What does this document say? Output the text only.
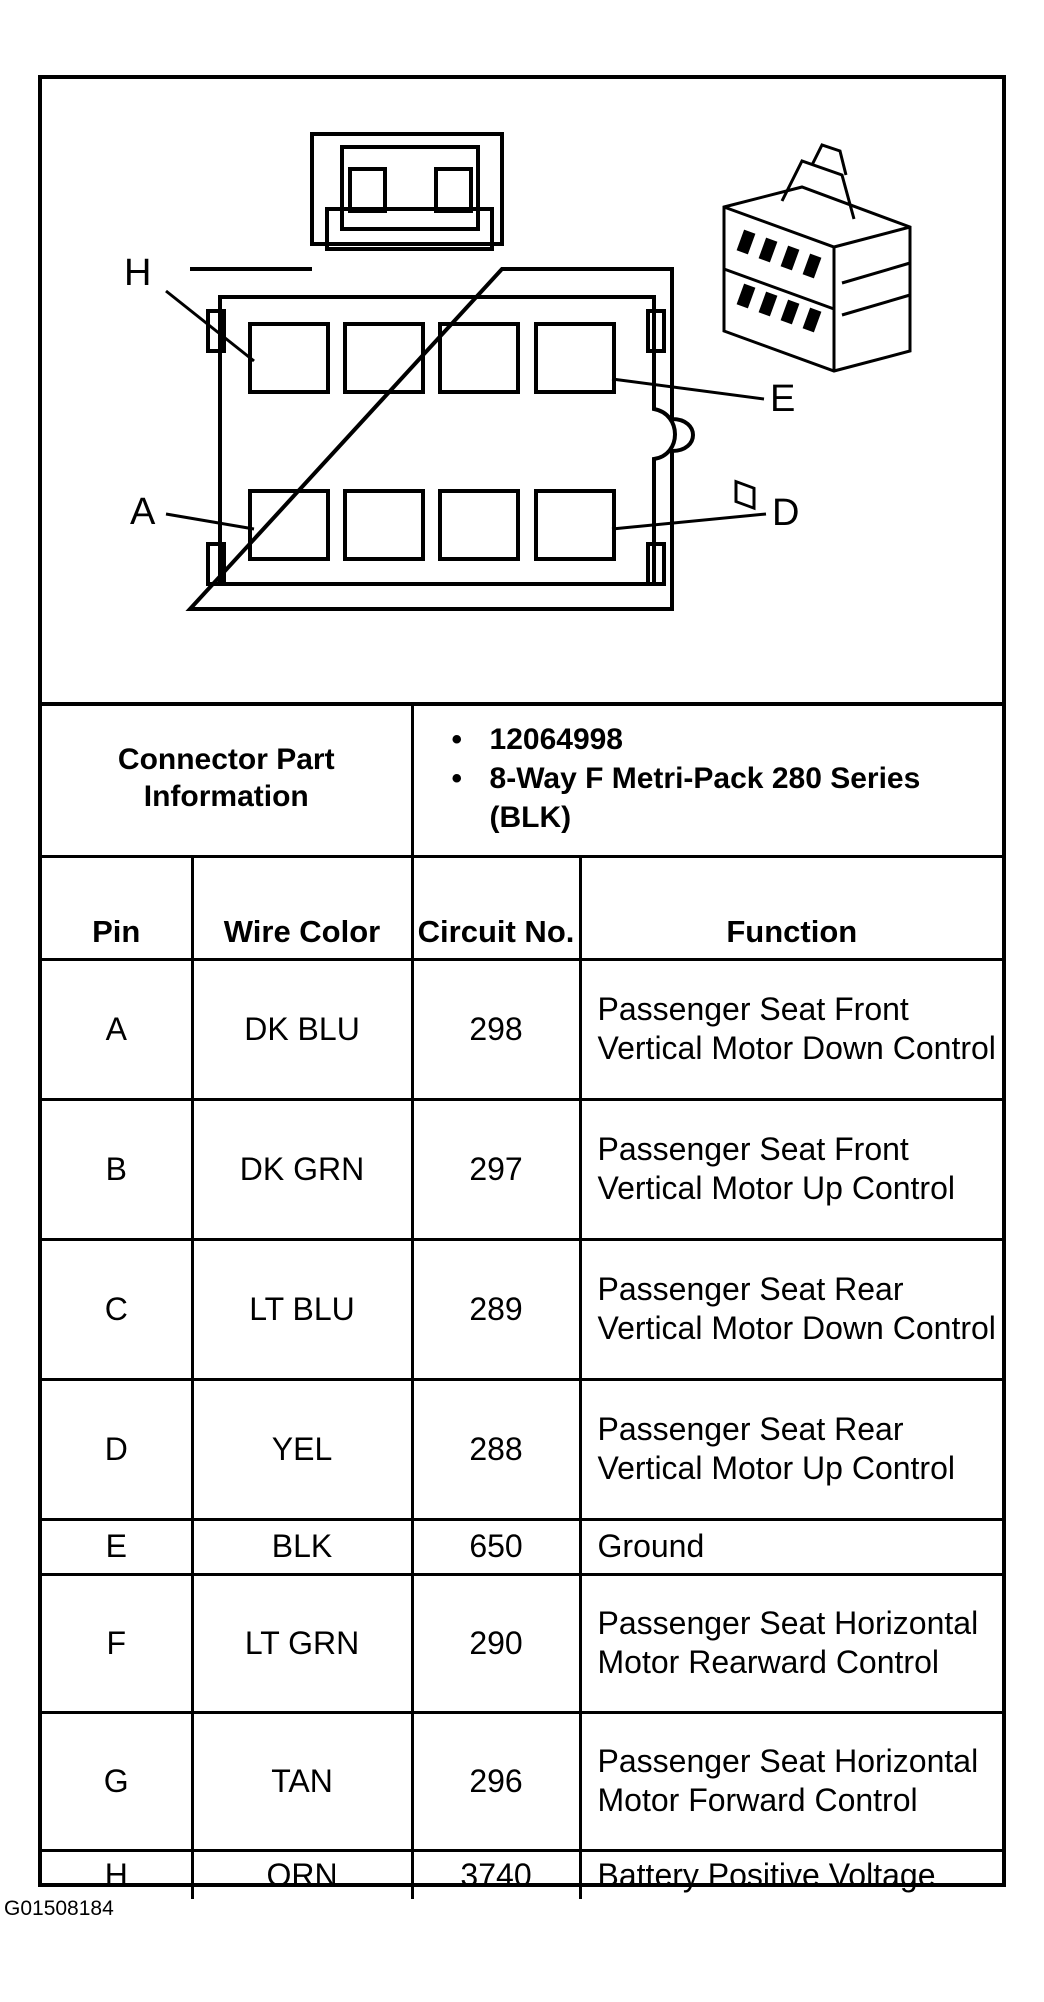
H
E
A	D
Connector Part Information		• 12064998
• 8-Way F Metri-Pack 280 Series (BLK)	

Pin	Wire Color	Circuit No.	Function
A	DK BLU	298	Passenger Seat Front Vertical Motor Down Control
B	DK GRN	297	Passenger Seat Front Vertical Motor Up Control
C	LT BLU	289	Passenger Seat Rear Vertical Motor Down Control
D	YEL	288	Passenger Seat Rear Vertical Motor Up Control
E	BLK	650	Ground
F	LT GRN	290	Passenger Seat Horizontal Motor Rearward Control
G	TAN	296	Passenger Seat Horizontal Motor Forward Control
H	ORN	3740	Battery Positive Voltage
G01508184
